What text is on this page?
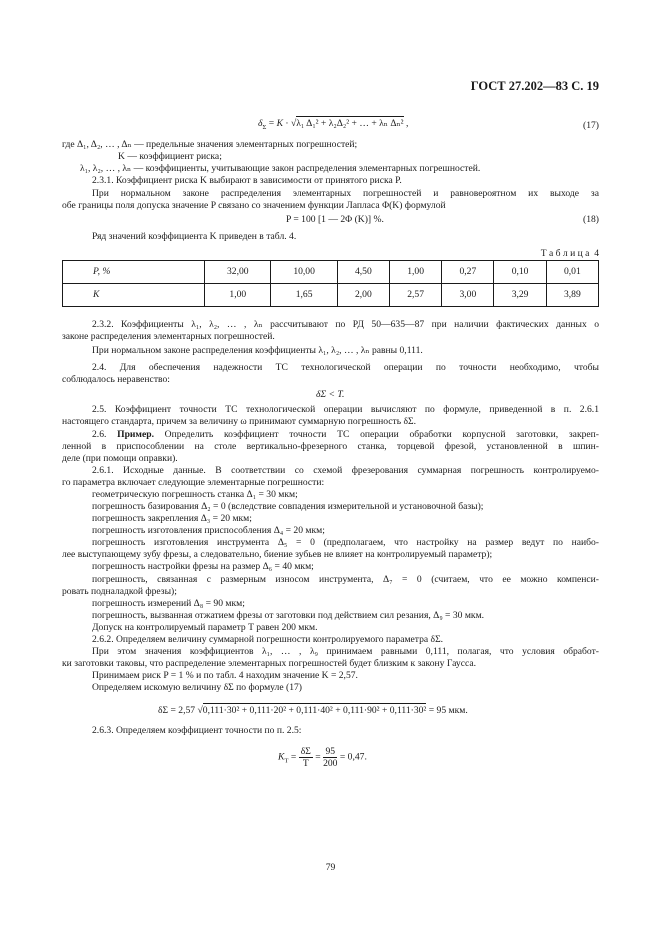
ГОСТ 27.202—83 С. 19
$\delta_\Sigma = K \cdot √\lambda_1$ Δ₁² + λ₂Δ₂² + … + λₙ Δₙ² ,	(17)
где Δ₁, Δ₂, … , Δₙ — предельные значения элементарных погрешностей;
K — коэффициент риска;
λ₁, λ₂, … , λₙ — коэффициенты, учитывающие закон распределения элементарных погрешностей.
2.3.1. Коэффициент риска K выбирают в зависимости от принятого риска P.
При нормальном законе распределения элементарных погрешностей и равновероятном их выходе за
обе границы поля допуска значение P связано со значением функции Лапласа Φ(K) формулой
P = 100 [1 — 2Φ (K)] %.	(18)
Ряд значений коэффициента K приведен в табл. 4.
Т а б л и ц а  4
P, %	32,00	10,00	4,50	1,00	0,27	0,10	0,01
K	1,00	1,65	2,00	2,57	3,00	3,29	3,89
2.3.2. Коэффициенты λ₁, λ₂, … , λₙ рассчитывают по РД 50—635—87 при наличии фактических данных о
законе распределения элементарных погрешностей.
При нормальном законе распределения коэффициенты λ₁, λ₂, … , λₙ равны 0,111.
2.4. Для обеспечения надежности ТС технологической операции по точности необходимо, чтобы
соблюдалось неравенство:
δΣ < T.
2.5. Коэффициент точности ТС технологической операции вычисляют по формуле, приведенной в п. 2.6.1
настоящего стандарта, причем за величину ω принимают суммарную погрешность δΣ.
2.6. Пример. Определить коэффициент точности ТС операции обработки корпусной заготовки, закреп-
ленной в приспособлении на столе вертикально-фрезерного станка, торцевой фрезой, установленной в шпин-
деле (при помощи оправки).
2.6.1. Исходные данные. В соответствии со схемой фрезерования суммарная погрешность контролируемо-
го параметра включает следующие элементарные погрешности:
геометрическую погрешность станка Δ₁ = 30 мкм;
погрешность базирования Δ₂ = 0 (вследствие совпадения измерительной и установочной базы);
погрешность закрепления Δ₃ = 20 мкм;
погрешность изготовления приспособления Δ₄ = 20 мкм;
погрешность изготовления инструмента Δ₅ = 0 (предполагаем, что настройку на размер ведут по наибо-
лее выступающему зубу фрезы, а следовательно, биение зубьев не влияет на контролируемый параметр);
погрешность настройки фрезы на размер Δ₆ = 40 мкм;
погрешность, связанная с размерным износом инструмента, Δ₇ = 0 (считаем, что ее можно компенси-
ровать подналадкой фрезы);
погрешность измерений Δ₈ = 90 мкм;
погрешность, вызванная отжатием фрезы от заготовки под действием сил резания, Δ₉ = 30 мкм.
Допуск на контролируемый параметр T равен 200 мкм.
2.6.2. Определяем величину суммарной погрешности контролируемого параметра δΣ.
При этом значения коэффициентов λ₁, … , λ₉ принимаем равными 0,111, полагая, что условия обработ-
ки заготовки таковы, что распределение элементарных погрешностей будет близким к закону Гаусса.
Принимаем риск P = 1 % и по табл. 4 находим значение K = 2,57.
Определяем искомую величину δΣ по формуле (17)
δΣ = 2,57 √0,111·30² + 0,111·20² + 0,111·40² + 0,111·90² + 0,111·30² = 95 мкм.
2.6.3. Определяем коэффициент точности по п. 2.5:
$K_T = \frac{\delta\Sigma}{T} = \frac{95}{200} = 0,47$.
79
